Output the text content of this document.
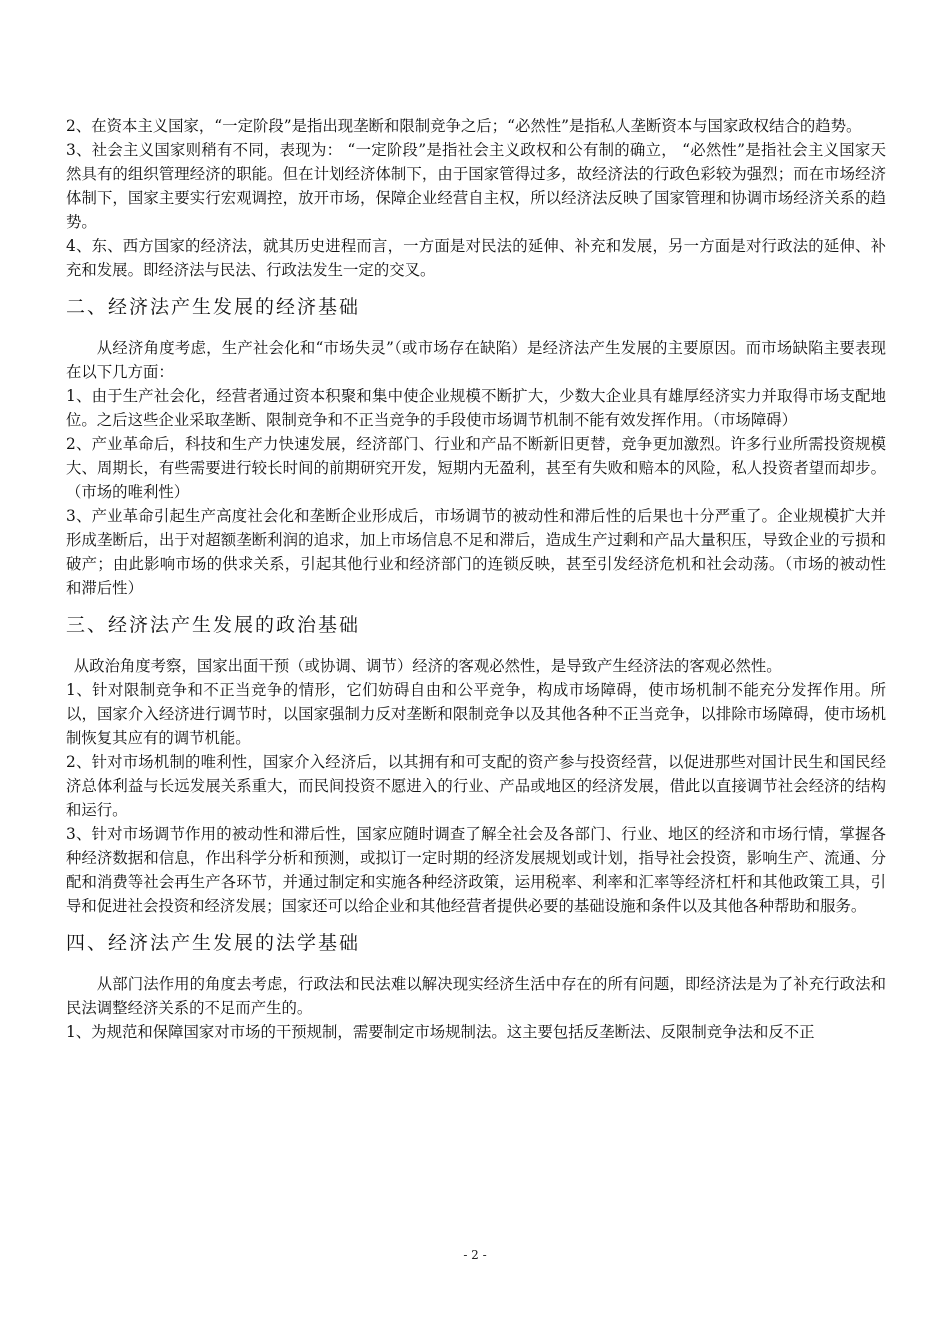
2、在资本主义国家，“一定阶段”是指出现垄断和限制竞争之后；“必然性”是指私人垄断资本与国家政权结合的趋势。

3、社会主义国家则稍有不同，表现为： “一定阶段”是指社会主义政权和公有制的确立， “必然性”是指社会主义国家天然具有的组织管理经济的职能。但在计划经济体制下，由于国家管得过多，故经济法的行政色彩较为强烈；而在市场经济体制下，国家主要实行宏观调控，放开市场，保障企业经营自主权，所以经济法反映了国家管理和协调市场经济关系的趋势。

4、东、西方国家的经济法，就其历史进程而言，一方面是对民法的延伸、补充和发展，另一方面是对行政法的延伸、补充和发展。即经济法与民法、行政法发生一定的交叉。

二、经济法产生发展的经济基础

从经济角度考虑，生产社会化和“市场失灵”（或市场存在缺陷）是经济法产生发展的主要原因。而市场缺陷主要表现在以下几方面：

1、由于生产社会化，经营者通过资本积聚和集中使企业规模不断扩大，少数大企业具有雄厚经济实力并取得市场支配地位。之后这些企业采取垄断、限制竞争和不正当竞争的手段使市场调节机制不能有效发挥作用。（市场障碍）

2、产业革命后，科技和生产力快速发展，经济部门、行业和产品不断新旧更替，竞争更加激烈。许多行业所需投资规模大、周期长，有些需要进行较长时间的前期研究开发，短期内无盈利，甚至有失败和赔本的风险，私人投资者望而却步。（市场的唯利性）

3、产业革命引起生产高度社会化和垄断企业形成后，市场调节的被动性和滞后性的后果也十分严重了。企业规模扩大并形成垄断后，出于对超额垄断利润的追求，加上市场信息不足和滞后，造成生产过剩和产品大量积压，导致企业的亏损和破产；由此影响市场的供求关系，引起其他行业和经济部门的连锁反映，甚至引发经济危机和社会动荡。（市场的被动性和滞后性）

三、经济法产生发展的政治基础

从政治角度考察，国家出面干预（或协调、调节）经济的客观必然性，是导致产生经济法的客观必然性。

1、针对限制竞争和不正当竞争的情形，它们妨碍自由和公平竞争，构成市场障碍，使市场机制不能充分发挥作用。所以，国家介入经济进行调节时，以国家强制力反对垄断和限制竞争以及其他各种不正当竞争，以排除市场障碍，使市场机制恢复其应有的调节机能。

2、针对市场机制的唯利性，国家介入经济后，以其拥有和可支配的资产参与投资经营，以促进那些对国计民生和国民经济总体利益与长远发展关系重大，而民间投资不愿进入的行业、产品或地区的经济发展，借此以直接调节社会经济的结构和运行。

3、针对市场调节作用的被动性和滞后性，国家应随时调查了解全社会及各部门、行业、地区的经济和市场行情，掌握各种经济数据和信息，作出科学分析和预测，或拟订一定时期的经济发展规划或计划，指导社会投资，影响生产、流通、分配和消费等社会再生产各环节，并通过制定和实施各种经济政策，运用税率、利率和汇率等经济杠杆和其他政策工具，引导和促进社会投资和经济发展；国家还可以给企业和其他经营者提供必要的基础设施和条件以及其他各种帮助和服务。

四、经济法产生发展的法学基础

从部门法作用的角度去考虑，行政法和民法难以解决现实经济生活中存在的所有问题，即经济法是为了补充行政法和民法调整经济关系的不足而产生的。

1、为规范和保障国家对市场的干预规制，需要制定市场规制法。这主要包括反垄断法、反限制竞争法和反不正

- 2 -
